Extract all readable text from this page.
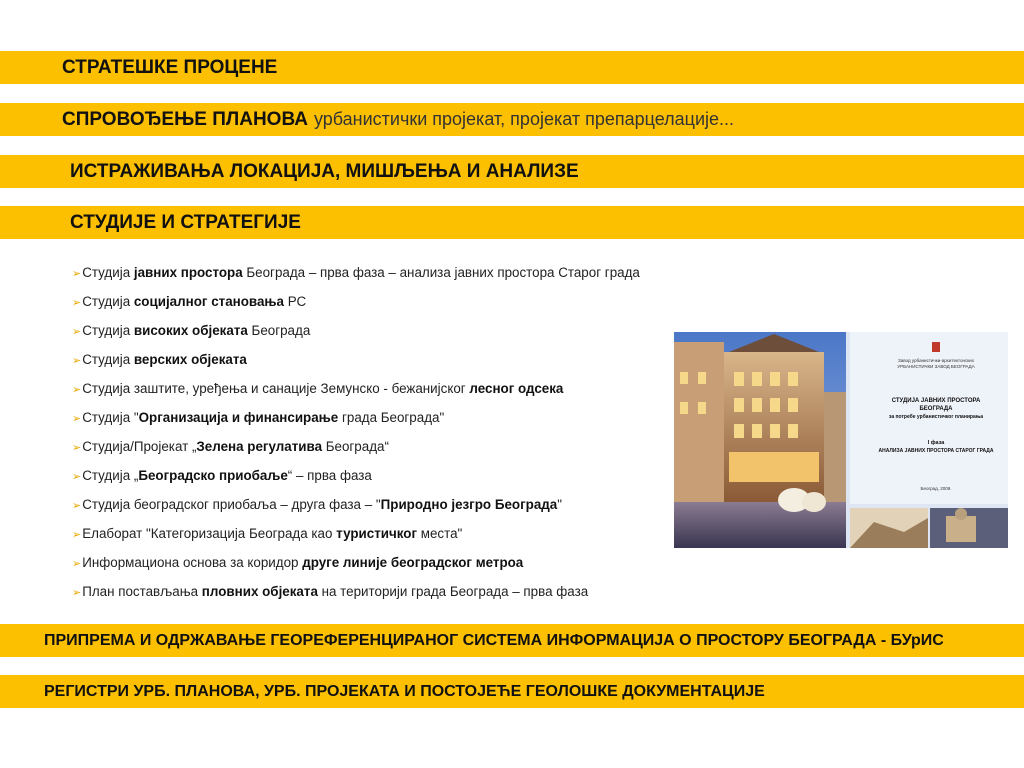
СТРАТЕШКЕ ПРОЦЕНЕ
СПРОВОЂЕЊЕ ПЛАНОВА урбанистички пројекат, пројекат препарцелације...
ИСТРАЖИВАЊА ЛОКАЦИЈА, МИШЉЕЊА И АНАЛИЗЕ
СТУДИЈЕ И СТРАТЕГИЈЕ
➢Студија јавних простора Београда – прва фаза – анализа јавних простора Старог града
➢Студија социјалног становања РС
➢Студија високих објеката Београда
➢Студија верских објеката
➢Студија заштите, уређења и санације Земунско - бежанијског лесног одсека
➢Студија "Организација и финансирање града Београда"
➢Студија/Пројекат „Зелена регулатива Београда“
➢Студија „Београдско приобаље“ – прва фаза
➢Студија београдског приобаља – друга фаза – "Природно језгро Београда"
➢Елаборат "Категоризација Београда као туристичког места"
➢Информациона основа за коридор друге линије београдског метроа
➢План постављања пловних објеката на територији града Београда – прва фаза
Завод урбанистички-архитектонских
УРБАНИСТИЧКИ ЗАВОД БЕОГРАДА
СТУДИЈА ЈАВНИХ ПРОСТОРА
БЕОГРАДА
за потребе урбанистичког планирања
I фаза
АНАЛИЗА ЈАВНИХ ПРОСТОРА СТАРОГ ГРАДА
Београд, 2009.
ПРИПРЕМА И ОДРЖАВАЊЕ ГЕОРЕФЕРЕНЦИРАНОГ СИСТЕМА ИНФОРМАЦИЈА О ПРОСТОРУ БЕОГРАДА - БУрИС
РЕГИСТРИ УРБ. ПЛАНОВА, УРБ. ПРОЈЕКАТА И ПОСТОЈЕЋЕ ГЕОЛОШКЕ ДОКУМЕНТАЦИЈЕ
